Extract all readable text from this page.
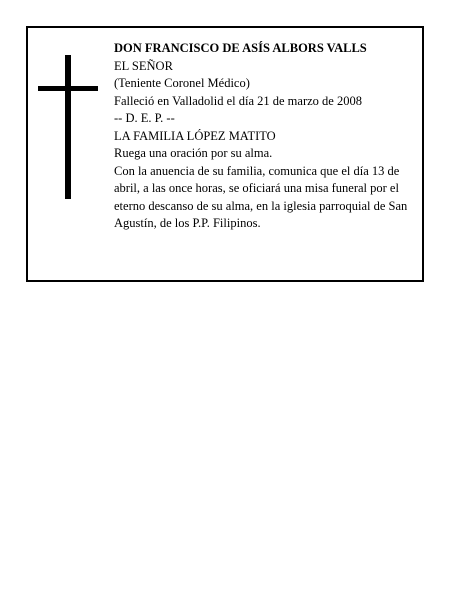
DON FRANCISCO DE ASÍS ALBORS VALLS
EL SEÑOR
(Teniente Coronel Médico)
Falleció en Valladolid el día 21 de marzo de 2008
-- D. E. P. --
LA FAMILIA LÓPEZ MATITO
Ruega una oración por su alma.
Con la anuencia de su familia, comunica que el día 13 de abril, a las once horas, se oficiará una misa funeral por el eterno descanso de su alma, en la iglesia parroquial de San Agustín, de los P.P. Filipinos.
